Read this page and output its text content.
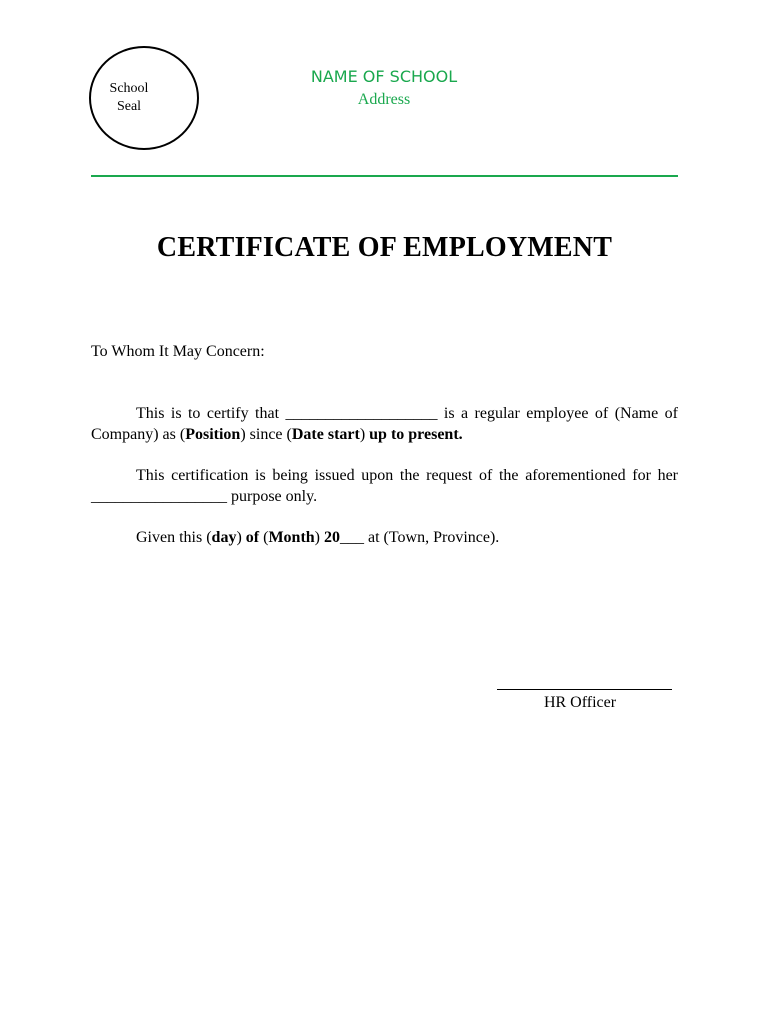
School
Seal
NAME OF SCHOOL
Address
CERTIFICATE OF EMPLOYMENT
To Whom It May Concern:
This is to certify that ___________________ is a regular employee of (Name of Company) as (Position) since (Date start) up to present.
This certification is being issued upon the request of the aforementioned for her _________________ purpose only.
Given this (day) of (Month) 20___ at (Town, Province).
HR Officer
